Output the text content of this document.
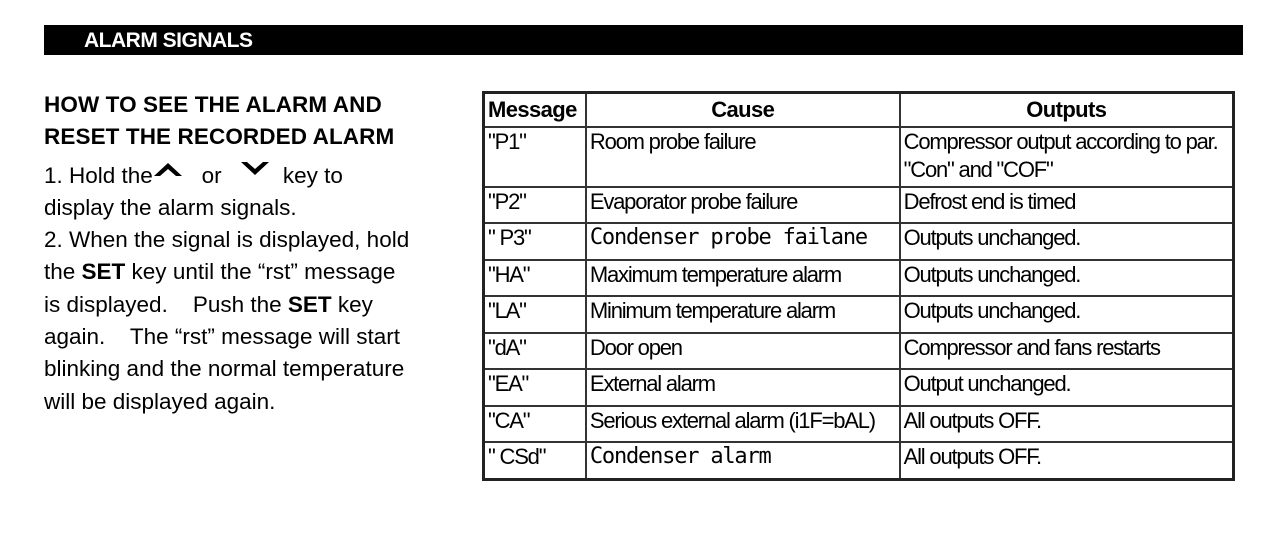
ALARM SIGNALS
HOW TO SEE THE ALARM AND
RESET THE RECORDED ALARM
1. Hold the or	key to
display the alarm signals.
2. When the signal is displayed, hold
the SET key until the “rst” message
is displayed.    Push the SET key
again.    The “rst” message will start
blinking and the normal temperature
will be displayed again.
Message	Cause	Outputs
"P1"	Room probe failure	Compressor output according to par. "Con" and "COF"
"P2"	Evaporator probe failure	Defrost end is timed
" P3"	Condenser probe failane	Outputs unchanged.
"HA"	Maximum temperature alarm	Outputs unchanged.
"LA"	Minimum temperature alarm	Outputs unchanged.
"dA"	Door open	Compressor and fans restarts
"EA"	External alarm	Output unchanged.
"CA"	Serious external alarm (i1F=bAL)	All outputs OFF.
" CSd"	Condenser alarm	All outputs OFF.
